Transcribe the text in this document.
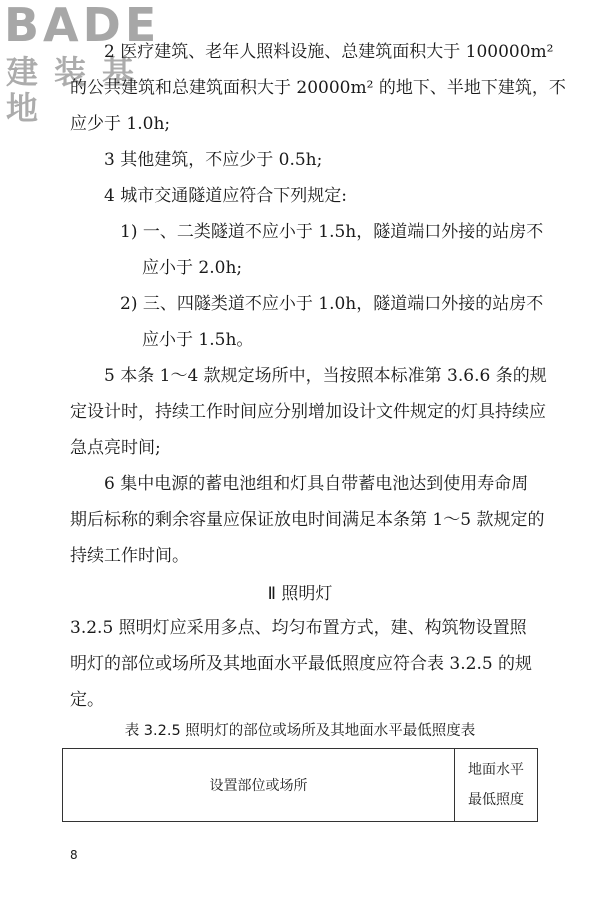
BADE
建装基地
2 医疗建筑、老年人照料设施、总建筑面积大于 100000m²
的公共建筑和总建筑面积大于 20000m² 的地下、半地下建筑，不
应少于 1.0h;
3 其他建筑，不应少于 0.5h;
4 城市交通隧道应符合下列规定:
1) 一、二类隧道不应小于 1.5h，隧道端口外接的站房不
应小于 2.0h;
2) 三、四隧类道不应小于 1.0h，隧道端口外接的站房不
应小于 1.5h。
5 本条 1～4 款规定场所中，当按照本标准第 3.6.6 条的规
定设计时，持续工作时间应分别增加设计文件规定的灯具持续应
急点亮时间;
6 集中电源的蓄电池组和灯具自带蓄电池达到使用寿命周
期后标称的剩余容量应保证放电时间满足本条第 1～5 款规定的
持续工作时间。
Ⅱ 照明灯
3.2.5 照明灯应采用多点、均匀布置方式，建、构筑物设置照
明灯的部位或场所及其地面水平最低照度应符合表 3.2.5 的规
定。
表 3.2.5 照明灯的部位或场所及其地面水平最低照度表
设置部位或场所
地面水平
最低照度
8
